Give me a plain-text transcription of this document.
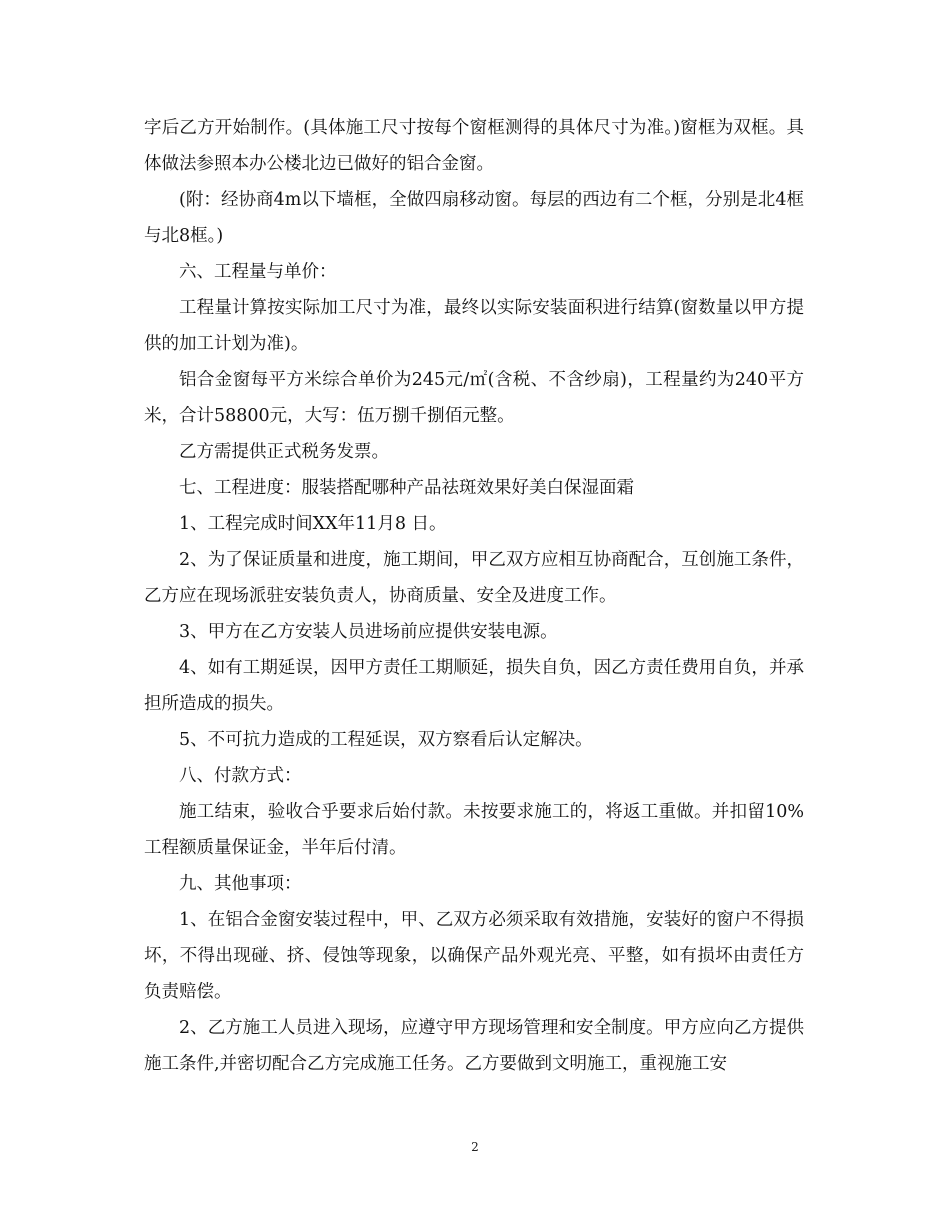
字后乙方开始制作。(具体施工尺寸按每个窗框测得的具体尺寸为准。)窗框为双框。具体做法参照本办公楼北边已做好的铝合金窗。

(附：经协商4m以下墙框，全做四扇移动窗。每层的西边有二个框，分别是北4框与北8框。)

六、工程量与单价：

工程量计算按实际加工尺寸为准，最终以实际安装面积进行结算(窗数量以甲方提供的加工计划为准)。

铝合金窗每平方米综合单价为245元/㎡(含税、不含纱扇)，工程量约为240平方米，合计58800元，大写：伍万捌千捌佰元整。

乙方需提供正式税务发票。

七、工程进度：服装搭配哪种产品祛斑效果好美白保湿面霜

1、工程完成时间XX年11月8 日。

2、为了保证质量和进度，施工期间，甲乙双方应相互协商配合，互创施工条件，乙方应在现场派驻安装负责人，协商质量、安全及进度工作。

3、甲方在乙方安装人员进场前应提供安装电源。

4、如有工期延误，因甲方责任工期顺延，损失自负，因乙方责任费用自负，并承担所造成的损失。

5、不可抗力造成的工程延误，双方察看后认定解决。

八、付款方式：

施工结束，验收合乎要求后始付款。未按要求施工的，将返工重做。并扣留10%工程额质量保证金，半年后付清。

九、其他事项：

1、在铝合金窗安装过程中，甲、乙双方必须采取有效措施，安装好的窗户不得损坏，不得出现碰、挤、侵蚀等现象，以确保产品外观光亮、平整，如有损坏由责任方负责赔偿。

2、乙方施工人员进入现场，应遵守甲方现场管理和安全制度。甲方应向乙方提供施工条件,并密切配合乙方完成施工任务。乙方要做到文明施工，重视施工安

2
